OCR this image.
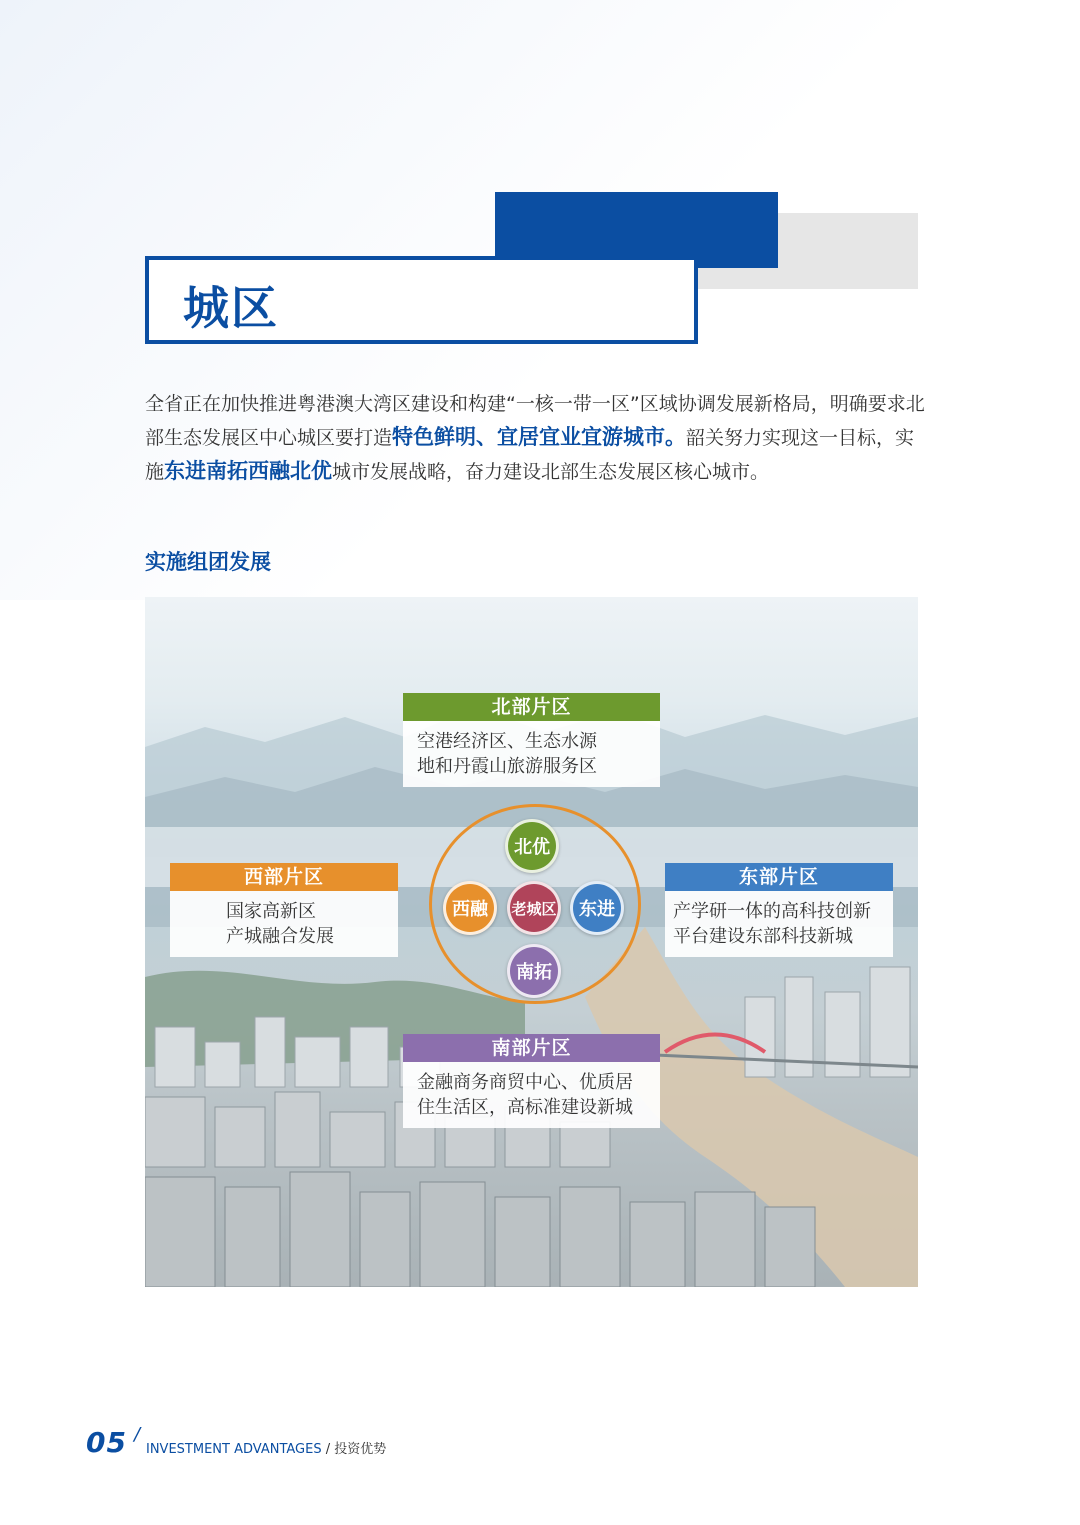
城区
全省正在加快推进粤港澳大湾区建设和构建“一核一带一区”区域协调发展新格局，明确要求北部生态发展区中心城区要打造特色鲜明、宜居宜业宜游城市。韶关努力实现这一目标，实施东进南拓西融北优城市发展战略，奋力建设北部生态发展区核心城市。
实施组团发展
北部片区
空港经济区、生态水源
地和丹霞山旅游服务区
西部片区
国家高新区
产城融合发展
东部片区
产学研一体的高科技创新
平台建设东部科技新城
南部片区
金融商务商贸中心、优质居
住生活区，高标准建设新城
北优
西融	老城区	东进
南拓
05 /
INVESTMENT ADVANTAGES / 投资优势
